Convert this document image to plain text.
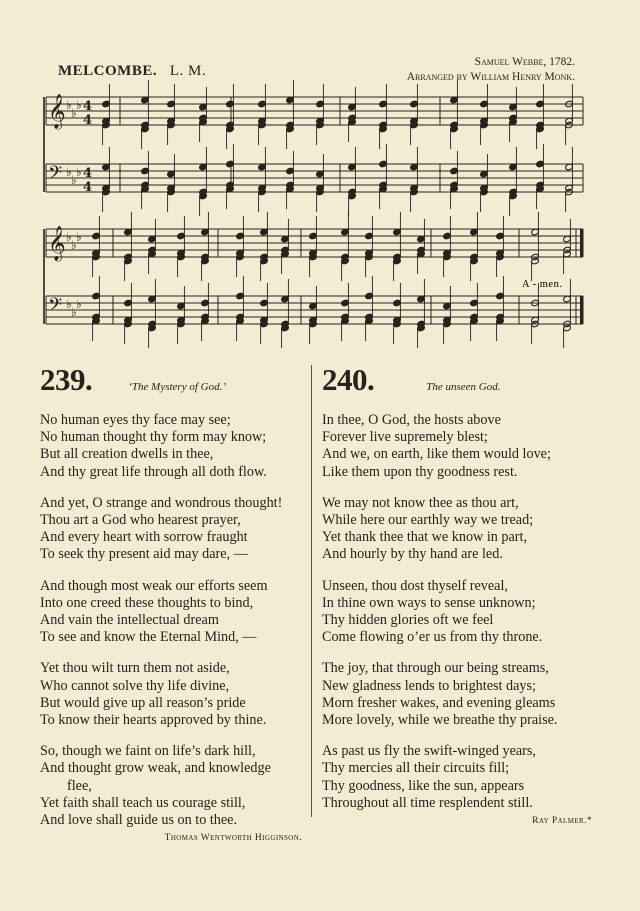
MELCOMBE. L. M.
Samuel Webbe, 1782.
Arranged by William Henry Monk.
𝄞 ♭
♭
♭ 4
4
𝄢 ♭
♭
♭ 4
4
𝄞 ♭
♭
♭
𝄢 ♭
♭
♭
A - men.
239.	‘The Mystery of God.’
No human eyes thy face may see;
No human thought thy form may know;
But all creation dwells in thee,
And thy great life through all doth flow.
And yet, O strange and wondrous thought!
Thou art a God who hearest prayer,
And every heart with sorrow fraught
To seek thy present aid may dare, —
And though most weak our efforts seem
Into one creed these thoughts to bind,
And vain the intellectual dream
To see and know the Eternal Mind, —
Yet thou wilt turn them not aside,
Who cannot solve thy life divine,
But would give up all reason’s pride
To know their hearts approved by thine.
So, though we faint on life’s dark hill,
And thought grow weak, and knowledge
flee,
Yet faith shall teach us courage still,
And love shall guide us on to thee.
Thomas Wentworth Higginson.
240.	The unseen God.
In thee, O God, the hosts above
Forever live supremely blest;
And we, on earth, like them would love;
Like them upon thy goodness rest.
We may not know thee as thou art,
While here our earthly way we tread;
Yet thank thee that we know in part,
And hourly by thy hand are led.
Unseen, thou dost thyself reveal,
In thine own ways to sense unknown;
Thy hidden glories oft we feel
Come flowing o’er us from thy throne.
The joy, that through our being streams,
New gladness lends to brightest days;
Morn fresher wakes, and evening gleams
More lovely, while we breathe thy praise.
As past us fly the swift-winged years,
Thy mercies all their circuits fill;
Thy goodness, like the sun, appears
Throughout all time resplendent still.
Ray Palmer.*
